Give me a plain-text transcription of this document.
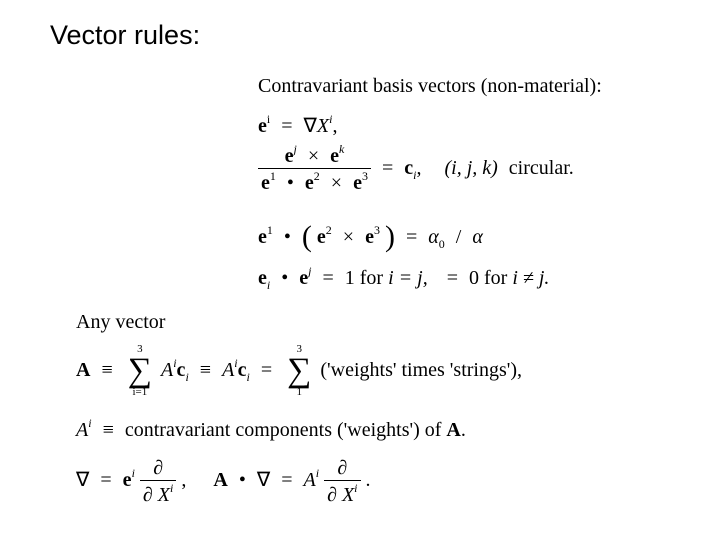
Vector rules:
Contravariant basis vectors (non-material):
$e^i = \nabla X^i$,
$\frac{e^j \times e^k}{e^1 • e^2 \times e^3} = c_i$, (i, j, k) circular.
$e^1$ • ( $e^2 \times e^3$ ) = $\alpha_0$ / α
$e_i$ • $e^j = 1$ for i = j, = 0 for i ≠ j.
Any vector
A ≡
3
∑
i=1
$A^ic_i \equiv A^ic_i$ =
3
∑
1
('weights' times 'strings'),
$A^i$ ≡ contravariant components ('weights') of A.
∇ = $e^i \frac{\partial}{\partial X^i}$ , A • ∇ = $A^i \frac{\partial}{\partial X^i}$ .
